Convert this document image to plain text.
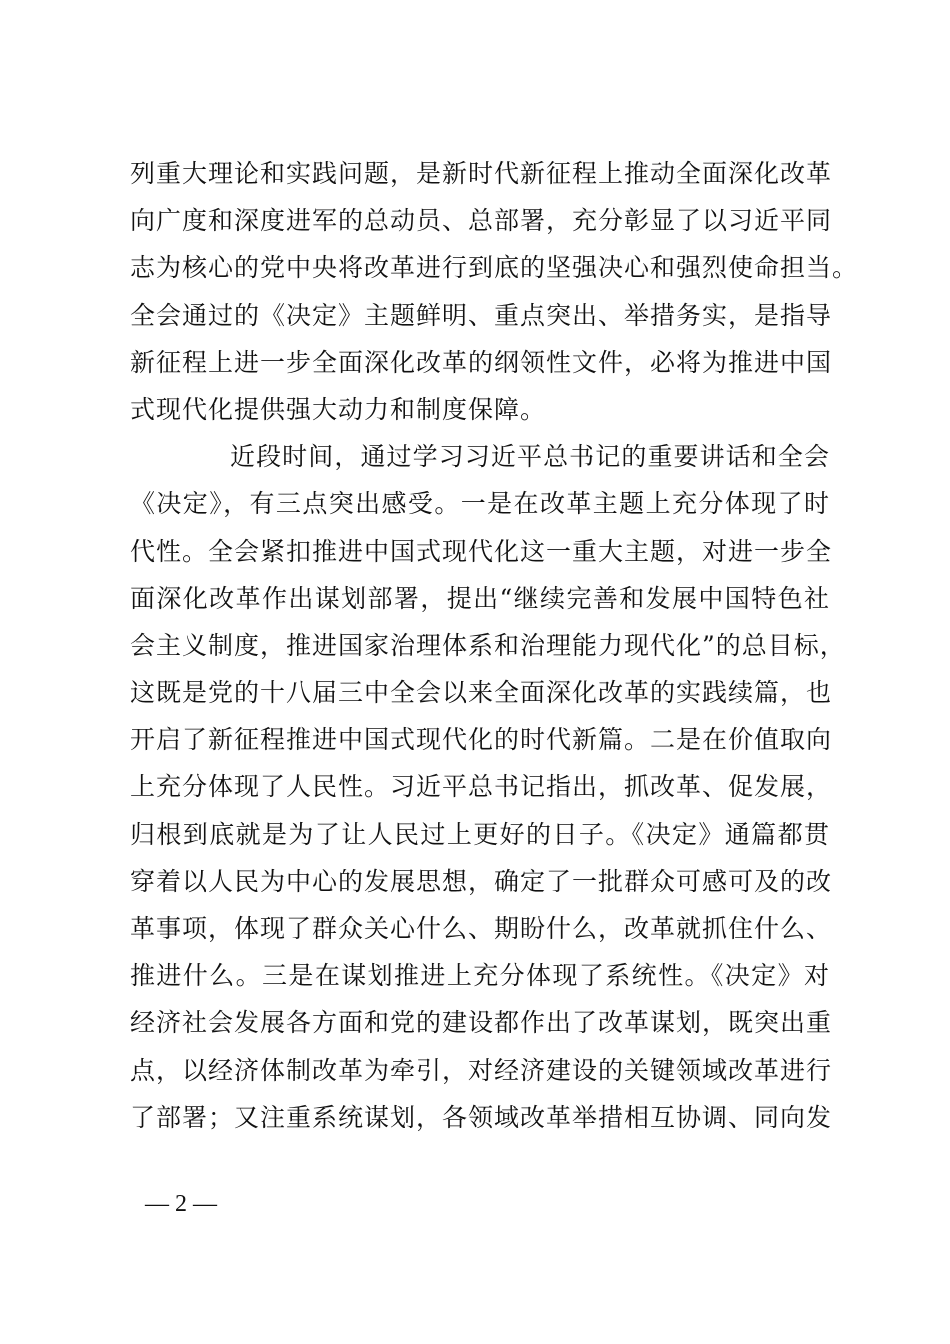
列重大理论和实践问题，是新时代新征程上推动全面深化改革
向广度和深度进军的总动员、总部署，充分彰显了以习近平同
志为核心的党中央将改革进行到底的坚强决心和强烈使命担当。
全会通过的《决定》主题鲜明、重点突出、举措务实，是指导
新征程上进一步全面深化改革的纲领性文件，必将为推进中国
式现代化提供强大动力和制度保障。
近段时间，通过学习习近平总书记的重要讲话和全会
《决定》，有三点突出感受。一是在改革主题上充分体现了时
代性。全会紧扣推进中国式现代化这一重大主题，对进一步全
面深化改革作出谋划部署，提出“继续完善和发展中国特色社
会主义制度，推进国家治理体系和治理能力现代化”的总目标，
这既是党的十八届三中全会以来全面深化改革的实践续篇，也
开启了新征程推进中国式现代化的时代新篇。二是在价值取向
上充分体现了人民性。习近平总书记指出，抓改革、促发展，
归根到底就是为了让人民过上更好的日子。《决定》通篇都贯
穿着以人民为中心的发展思想，确定了一批群众可感可及的改
革事项，体现了群众关心什么、期盼什么，改革就抓住什么、
推进什么。三是在谋划推进上充分体现了系统性。《决定》对
经济社会发展各方面和党的建设都作出了改革谋划，既突出重
点，以经济体制改革为牵引，对经济建设的关键领域改革进行
了部署；又注重系统谋划，各领域改革举措相互协调、同向发
— 2 —
